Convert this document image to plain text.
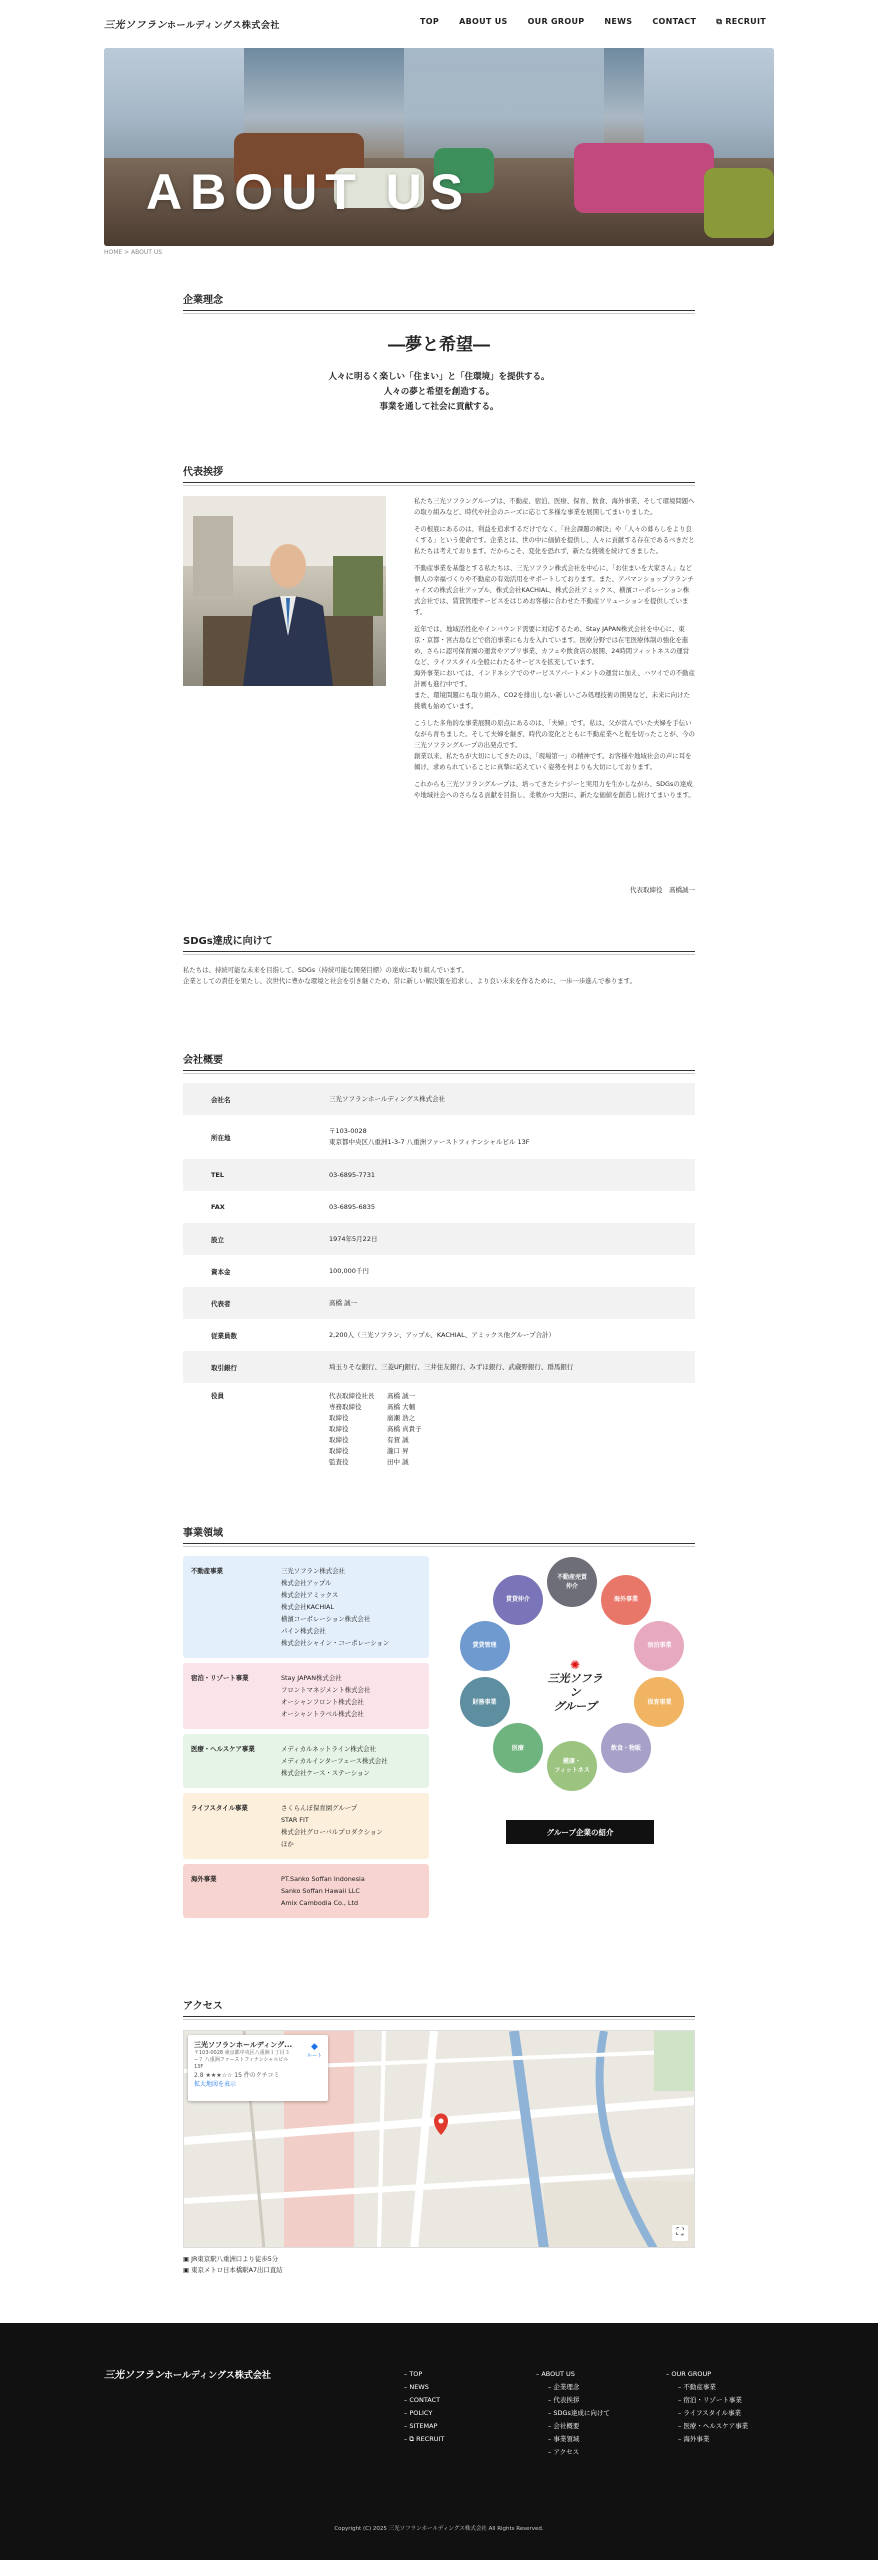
三光ソフランホールディングス株式会社	TOP	ABOUT US	OUR GROUP	NEWS	CONTACT	⧉ RECRUIT
ABOUT US
HOME > ABOUT US
企業理念
―夢と希望―
人々に明るく楽しい「住まい」と「住環境」を提供する。
人々の夢と希望を創造する。
事業を通して社会に貢献する。
代表挨拶

私たち三光ソフラングループは、不動産、宿泊、医療、保育、飲食、海外事業、そして環境問題への取り組みなど、時代や社会のニーズに応じて多様な事業を展開してまいりました。

その根底にあるのは、利益を追求するだけでなく、「社会課題の解決」や「人々の暮らしをより良くする」という使命です。企業とは、世の中に価値を提供し、人々に貢献する存在であるべきだと私たちは考えております。だからこそ、変化を恐れず、新たな挑戦を続けてきました。

不動産事業を基盤とする私たちは、三光ソフラン株式会社を中心に、「お住まいを大家さん」など個人の幸福づくりや不動産の有効活用をサポートしております。また、アパマンショップフランチャイズの株式会社アップル、株式会社KACHIAL、株式会社アミックス、横濱コーポレーション株式会社では、賃貸管理サービスをはじめお客様に合わせた不動産ソリューションを提供しています。

近年では、地域活性化やインバウンド需要に対応するため、Stay JAPAN株式会社を中心に、東京・京都・宮古島などで宿泊事業にも力を入れています。医療分野では在宅医療体制の強化を進め、さらに認可保育園の運営やアプリ事業、カフェや飲食店の展開、24時間フィットネスの運営など、ライフスタイル全般にわたるサービスを拡充しています。

海外事業においては、インドネシアでのサービスアパートメントの運営に加え、ハワイでの不動産計画も進行中です。

また、環境問題にも取り組み、CO2を排出しない新しいごみ処理技術の開発など、未来に向けた挑戦も始めています。

こうした多角的な事業展開の原点にあるのは、「夫婦」です。私は、父が営んでいた夫婦を手伝いながら育ちました。そして夫婦を継ぎ、時代の変化とともに不動産業へと舵を切ったことが、今の三光ソフラングループの出発点です。

創業以来、私たちが大切にしてきたのは、「現場第一」の精神です。お客様や地域社会の声に耳を傾け、求められていることに真摯に応えていく姿勢を何よりも大切にしております。

これからも三光ソフラングループは、培ってきたシナジーと実用力を生かしながら、SDGsの達成や地域社会へのさらなる貢献を目指し、柔軟かつ大胆に、新たな価値を創造し続けてまいります。

代表取締役　髙橋誠一
SDGs達成に向けて
私たちは、持続可能な未来を目指して、SDGs（持続可能な開発目標）の達成に取り組んでいます。
企業としての責任を果たし、次世代に豊かな環境と社会を引き継ぐため、常に新しい解決策を追求し、より良い未来を作るために、一歩一歩進んで参ります。
会社概要
会社名	三光ソフランホールディングス株式会社
所在地
〒103-0028
東京都中央区八重洲1-3-7 八重洲ファーストフィナンシャルビル 13F
TEL	03-6895-7731
FAX	03-6895-6835
設立	1974年5月22日
資本金	100,000千円
代表者	髙橋 誠一
従業員数	2,200人（三光ソフラン、アップル、KACHIAL、アミックス他グループ合計）
取引銀行	埼玉りそな銀行、三菱UFJ銀行、三井住友銀行、みずほ銀行、武蔵野銀行、群馬銀行
役員	代表取締役社長	髙橋 誠一
専務取締役	髙橋 大輔
取締役	廣瀬 浩之
取締役	髙橋 真貴子
取締役	有賀 誠
取締役	瀧口 昇
監査役	田中 誠
事業領域
不動産事業	三光ソフラン株式会社
株式会社アップル
株式会社アミックス
株式会社KACHIAL
横濱コーポレーション株式会社
パイン株式会社
株式会社シャイン・コーポレーション
宿泊・リゾート事業	Stay JAPAN株式会社
フロントマネジメント株式会社
オーシャンフロント株式会社
オーシャントラベル株式会社
医療・ヘルスケア事業	メディカルネットライン株式会社
メディカルインターフェース株式会社
株式会社ケース・ステーション
ライフスタイル事業	さくらんぼ保育園グループ
STAR FIT
株式会社グローバルプロダクション
ほか
海外事業	PT.Sanko Soffan Indonesia
Sanko Soffan Hawaii LLC
Amix Cambodia Co., Ltd
✺
三光ソフラン
グループ
不動産売買
仲介
海外事業
宿泊事業
保育事業
飲食・物販
健康・
フィットネス
医療
財務事業
賃貸管理
賃貸仲介
グループ企業の紹介
アクセス
三光ソフランホールディング...
〒103-0028 東京都中央区八重洲１丁目３−７ 八重洲ファーストフィナンシャルビル 13F
2.8 ★★★☆☆ 15 件のクチコミ
拡大地図を表示
◆
ルート
⛶
▣ JR東京駅八重洲口より徒歩5分
▣ 東京メトロ日本橋駅A7出口直結
三光ソフランホールディングス株式会社	– TOP
– NEWS
– CONTACT
– POLICY
– SITEMAP
– ⧉ RECRUIT
– ABOUT US
– 企業理念
– 代表挨拶
– SDGs達成に向けて
– 会社概要
– 事業領域
– アクセス
– OUR GROUP
– 不動産事業
– 宿泊・リゾート事業
– ライフスタイル事業
– 医療・ヘルスケア事業
– 海外事業
Copyright (C) 2025 三光ソフランホールディングス株式会社 All Rights Reserved.
